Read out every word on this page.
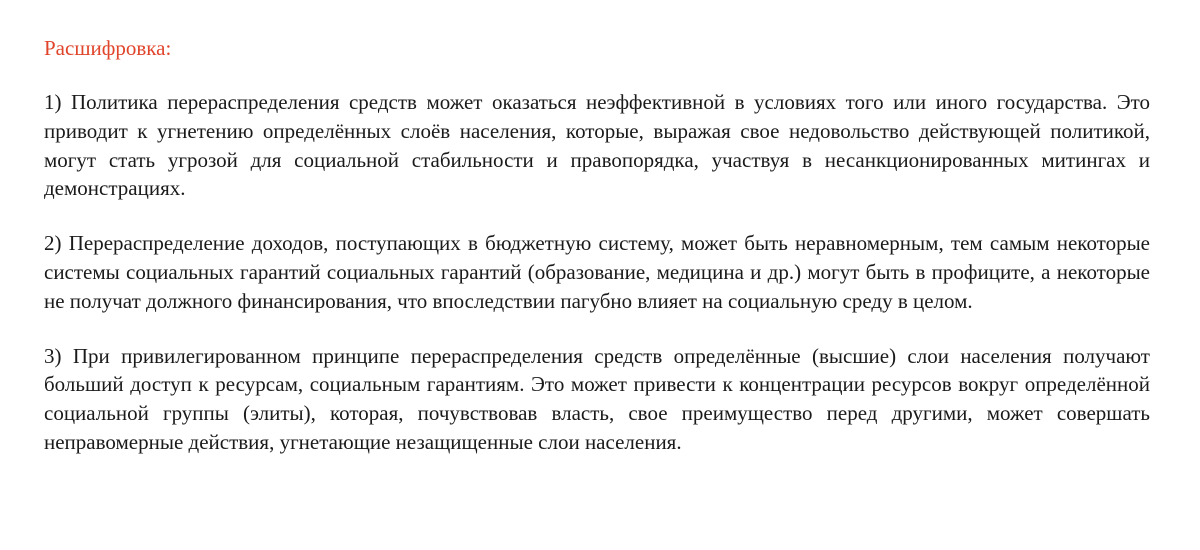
Расшифровка:

1) Политика перераспределения средств может оказаться неэффективной в условиях того или иного государства. Это приводит к угнетению определённых слоёв населения, которые, выражая свое недовольство действующей политикой, могут стать угрозой для социальной стабильности и правопорядка, участвуя в несанкционированных митингах и демонстрациях.

2) Перераспределение доходов, поступающих в бюджетную систему, может быть неравномерным, тем самым некоторые системы социальных гарантий социальных гарантий (образование, медицина и др.) могут быть в профиците, а некоторые не получат должного финансирования, что впоследствии пагубно влияет на социальную среду в целом.

3) При привилегированном принципе перераспределения средств определённые (высшие) слои населения получают больший доступ к ресурсам, социальным гарантиям. Это может привести к концентрации ресурсов вокруг определённой социальной группы (элиты), которая, почувствовав власть, свое преимущество перед другими, может совершать неправомерные действия, угнетающие незащищенные слои населения.
